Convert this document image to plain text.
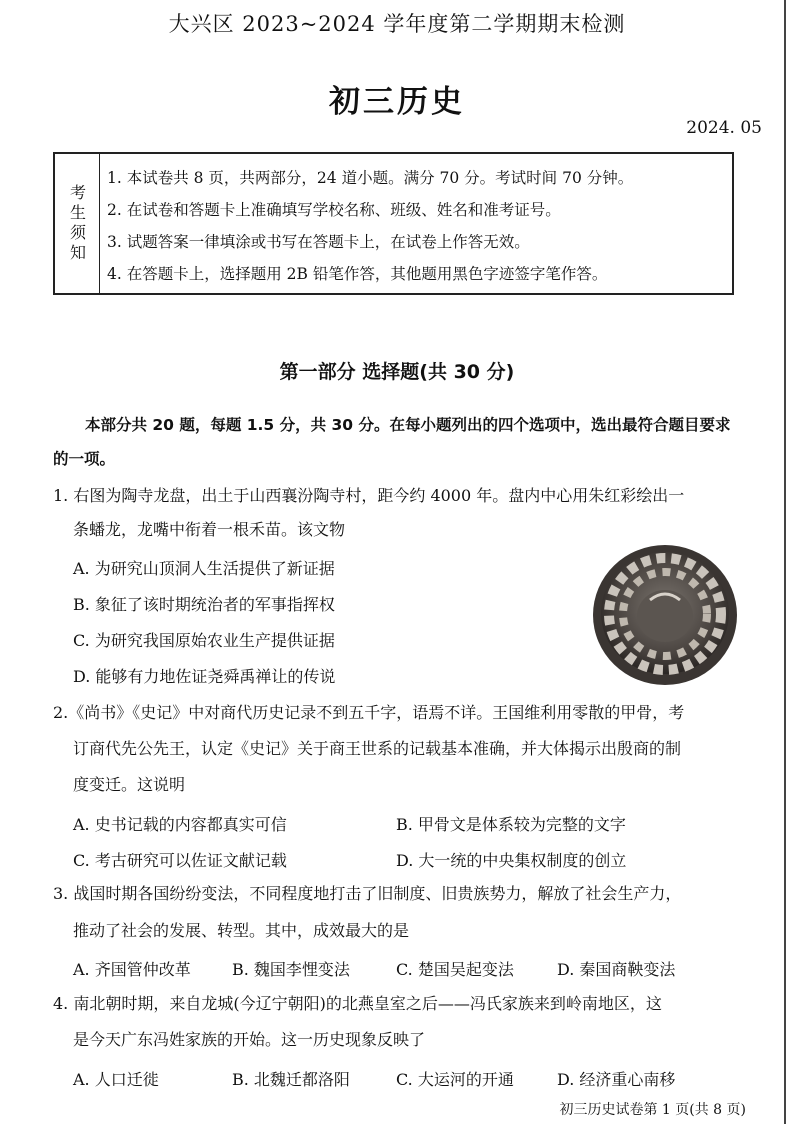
大兴区 2023~2024 学年度第二学期期末检测
初三历史
2024. 05
考生须知
1. 本试卷共 8 页，共两部分，24 道小题。满分 70 分。考试时间 70 分钟。
2. 在试卷和答题卡上准确填写学校名称、班级、姓名和准考证号。
3. 试题答案一律填涂或书写在答题卡上，在试卷上作答无效。
4. 在答题卡上，选择题用 2B 铅笔作答，其他题用黑色字迹签字笔作答。
第一部分 选择题(共 30 分)
本部分共 20 题，每题 1.5 分，共 30 分。在每小题列出的四个选项中，选出最符合题目要求的一项。
1. 右图为陶寺龙盘，出土于山西襄汾陶寺村，距今约 4000 年。盘内中心用朱红彩绘出一
条蟠龙，龙嘴中衔着一根禾苗。该文物
A. 为研究山顶洞人生活提供了新证据
B. 象征了该时期统治者的军事指挥权
C. 为研究我国原始农业生产提供证据
D. 能够有力地佐证尧舜禹禅让的传说
2.《尚书》《史记》中对商代历史记录不到五千字，语焉不详。王国维利用零散的甲骨，考
订商代先公先王，认定《史记》关于商王世系的记载基本准确，并大体揭示出殷商的制
度变迁。这说明
A. 史书记载的内容都真实可信	B. 甲骨文是体系较为完整的文字
C. 考古研究可以佐证文献记载	D. 大一统的中央集权制度的创立
3. 战国时期各国纷纷变法，不同程度地打击了旧制度、旧贵族势力，解放了社会生产力，
推动了社会的发展、转型。其中，成效最大的是
A. 齐国管仲改革	B. 魏国李悝变法	C. 楚国吴起变法	D. 秦国商鞅变法
4. 南北朝时期，来自龙城(今辽宁朝阳)的北燕皇室之后——冯氏家族来到岭南地区，这
是今天广东冯姓家族的开始。这一历史现象反映了
A. 人口迁徙	B. 北魏迁都洛阳	C. 大运河的开通	D. 经济重心南移
初三历史试卷第 1 页(共 8 页)
